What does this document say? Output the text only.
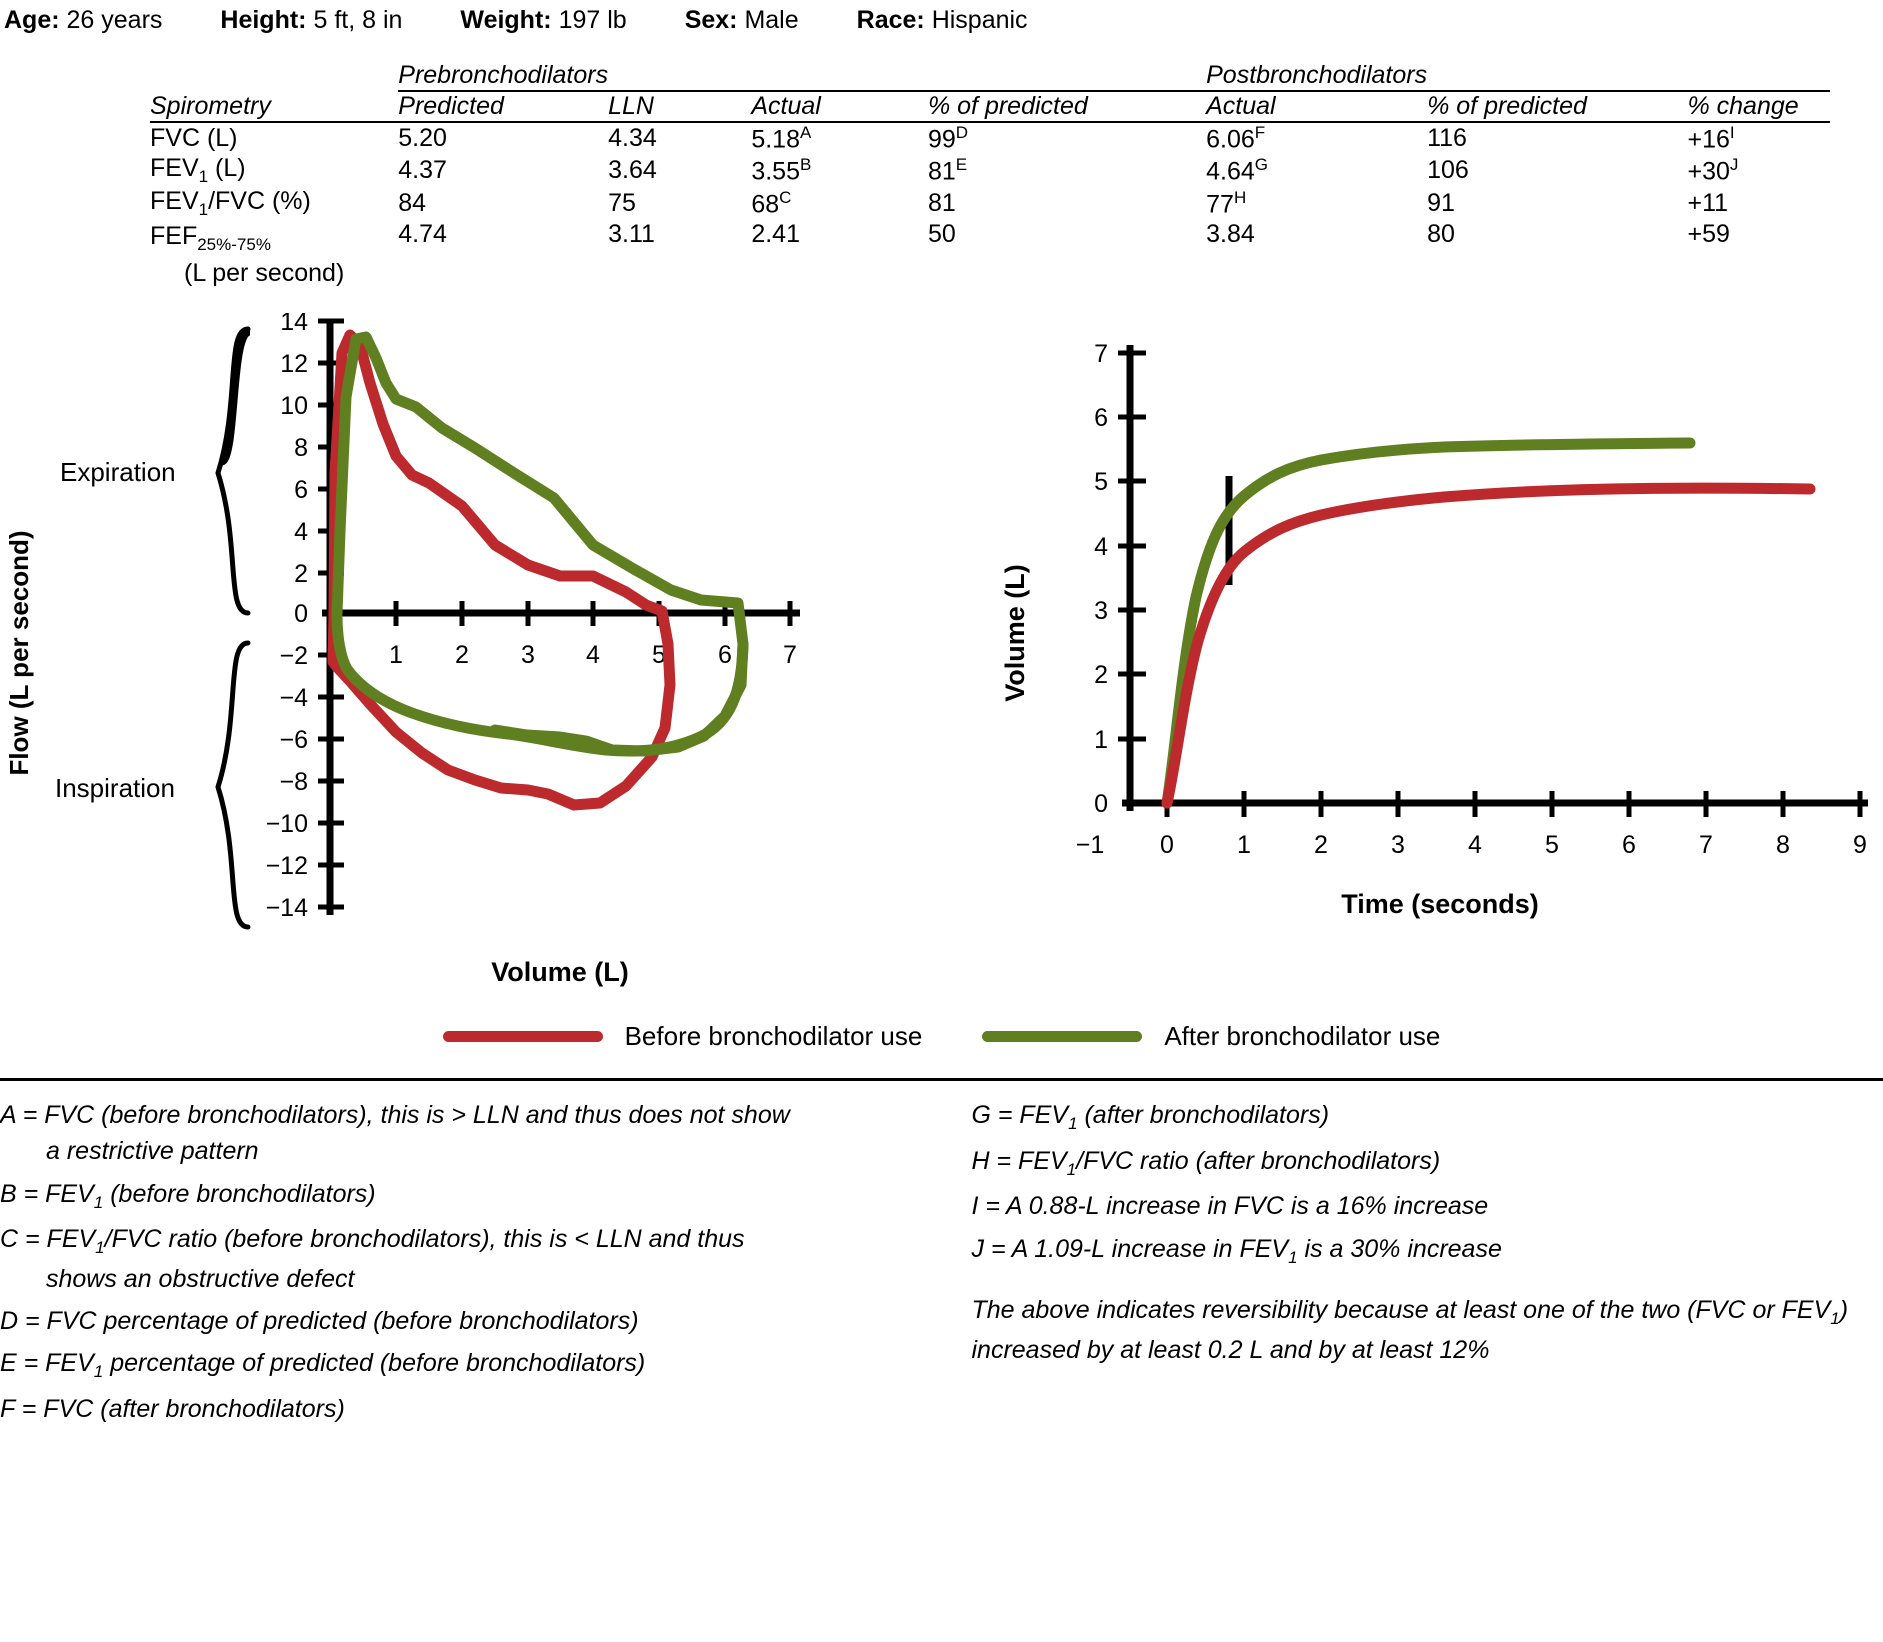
Age: 26 years Height: 5 ft, 8 in Weight: 197 lb Sex: Male Race: Hispanic
	Prebronchodilators				Postbronchodilators		
Spirometry	Predicted	LLN	Actual	% of predicted	Actual	% of predicted	% change

FVC (L)	5.20	4.34	$5.18^A$	$99^D$	$6.06^F$	116	$+16^I$
$FEV_1$ (L)	4.37	3.64	$3.55^B$	$81^E$	$4.64^G$	106	$+30^J$
$FEV_1$/FVC (%)	84	75	$68^C$	81	$77^H$	91	+11
$FEF_{25\%-75\%}$
(L per second)	4.74	3.11	2.41	50	3.84	80	+59
Expiration
Inspiration
Flow (L per second)
Volume (L)
14
12
10
8
6
4
2
0
−2
−4
−6
−8
−10
−12
−14
1 2 3 4 5 6 7	Volume (L)
Time (seconds)
7
6
5
4
3
2
1
0
−1 0	1	2	3	4	5	6	7	8	9
Before bronchodilator use	After bronchodilator use

A = FVC (before bronchodilators), this is > LLN and thus does not show
a restrictive pattern

$B = FEV_1$ (before bronchodilators)

$C = FEV_1$/FVC ratio (before bronchodilators), this is < LLN and thus
shows an obstructive defect

D = FVC percentage of predicted (before bronchodilators)

$E = FEV_1$ percentage of predicted (before bronchodilators)

F = FVC (after bronchodilators)

$G = FEV_1$ (after bronchodilators)

$H = FEV_1$/FVC ratio (after bronchodilators)

I = A 0.88-L increase in FVC is a 16% increase

J = A 1.09-L increase in $FEV_1$ is a 30% increase

The above indicates reversibility because at least one of the two (FVC or $FEV_1$) increased by at least 0.2 L and by at least 12%
